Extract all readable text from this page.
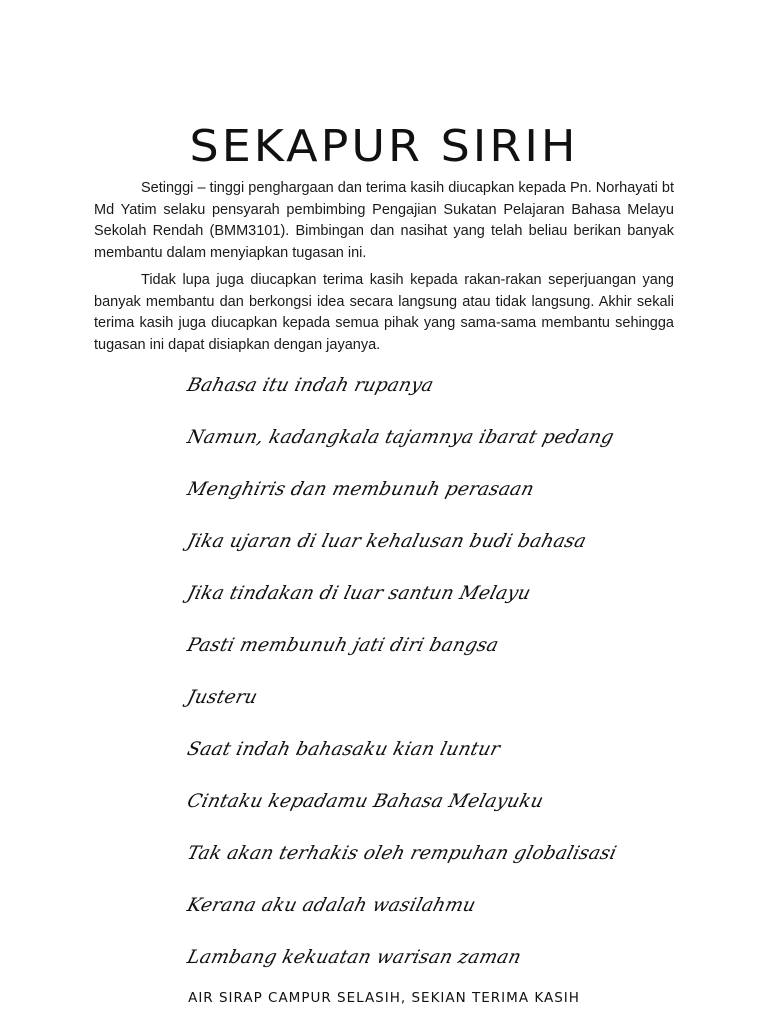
SEKAPUR SIRIH

Setinggi – tinggi penghargaan dan terima kasih diucapkan kepada Pn. Norhayati bt Md Yatim selaku pensyarah pembimbing Pengajian Sukatan Pelajaran Bahasa Melayu Sekolah Rendah (BMM3101). Bimbingan dan nasihat yang telah beliau berikan banyak membantu dalam menyiapkan tugasan ini.

Tidak lupa juga diucapkan terima kasih kepada rakan-rakan seperjuangan yang banyak membantu dan berkongsi idea secara langsung atau tidak langsung. Akhir sekali terima kasih juga diucapkan kepada semua pihak yang sama-sama membantu sehingga tugasan ini dapat disiapkan dengan jayanya.

Bahasa itu indah rupanya
Namun, kadangkala tajamnya ibarat pedang
Menghiris dan membunuh perasaan
Jika ujaran di luar kehalusan budi bahasa
Jika tindakan di luar santun Melayu
Pasti membunuh jati diri bangsa
Justeru
Saat indah bahasaku kian luntur
Cintaku kepadamu Bahasa Melayuku
Tak akan terhakis oleh rempuhan globalisasi
Kerana aku adalah wasilahmu
Lambang kekuatan warisan zaman
AIR SIRAP CAMPUR SELASIH, SEKIAN TERIMA KASIH
